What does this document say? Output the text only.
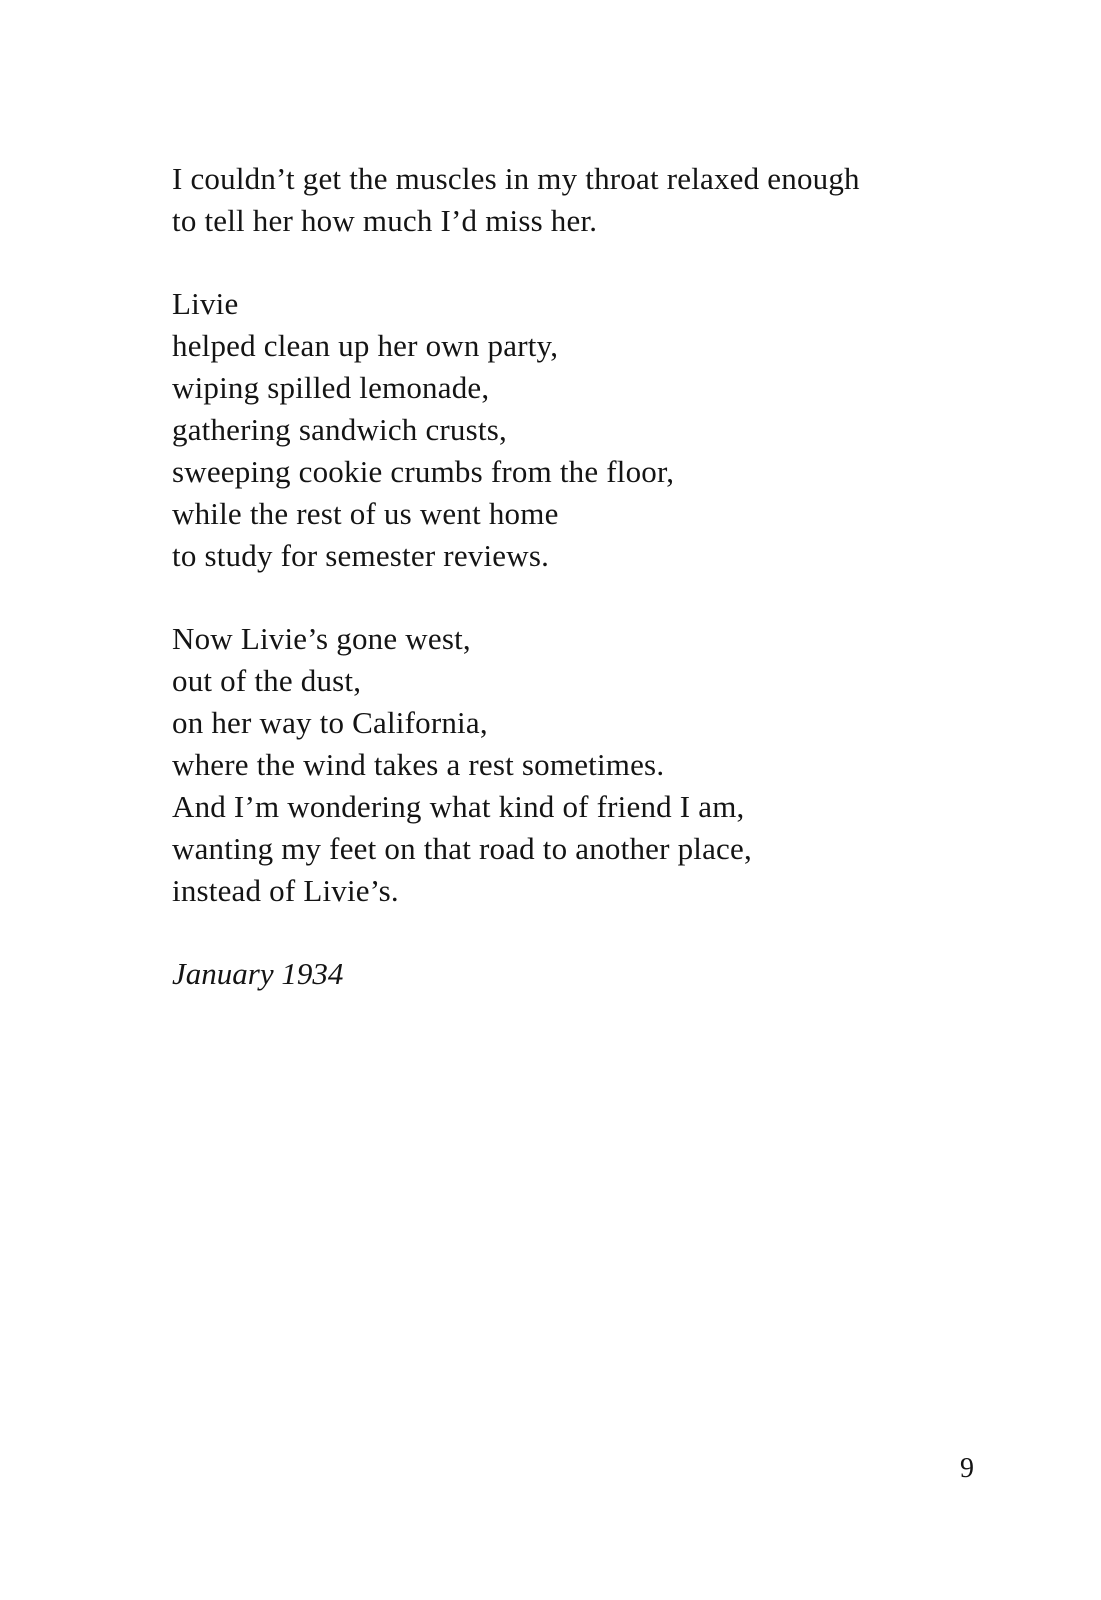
I couldn’t get the muscles in my throat relaxed enough
to tell her how much I’d miss her.
Livie
helped clean up her own party,
wiping spilled lemonade,
gathering sandwich crusts,
sweeping cookie crumbs from the floor,
while the rest of us went home
to study for semester reviews.
Now Livie’s gone west,
out of the dust,
on her way to California,
where the wind takes a rest sometimes.
And I’m wondering what kind of friend I am,
wanting my feet on that road to another place,
instead of Livie’s.
January 1934
9
